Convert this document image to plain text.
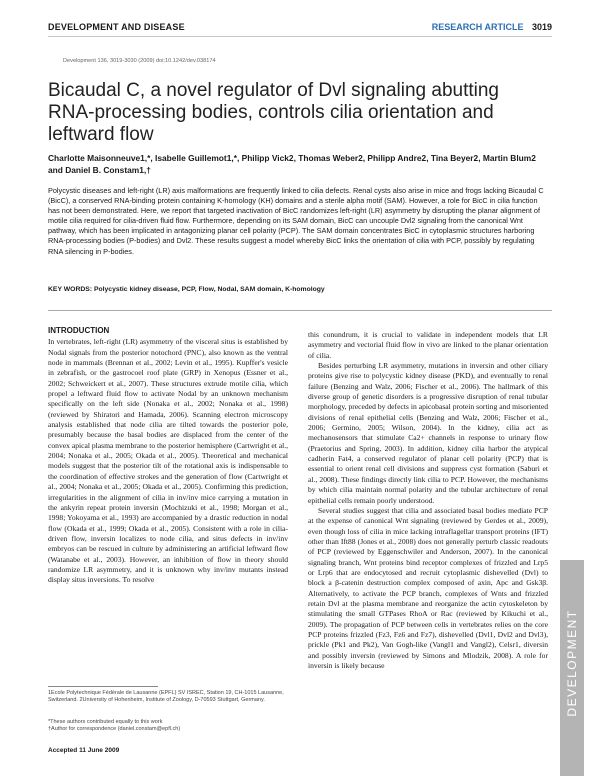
DEVELOPMENT AND DISEASE	RESEARCH ARTICLE 3019
Development 136, 3019-3030 (2009) doi:10.1242/dev.038174
Bicaudal C, a novel regulator of Dvl signaling abutting RNA-processing bodies, controls cilia orientation and leftward flow
Charlotte Maisonneuve1,*, Isabelle Guillemot1,*, Philipp Vick2, Thomas Weber2, Philipp Andre2, Tina Beyer2, Martin Blum2 and Daniel B. Constam1,†

Polycystic diseases and left-right (LR) axis malformations are frequently linked to cilia defects. Renal cysts also arise in mice and frogs lacking Bicaudal C (BicC), a conserved RNA-binding protein containing K-homology (KH) domains and a sterile alpha motif (SAM). However, a role for BicC in cilia function has not been demonstrated. Here, we report that targeted inactivation of BicC randomizes left-right (LR) asymmetry by disrupting the planar alignment of motile cilia required for cilia-driven fluid flow. Furthermore, depending on its SAM domain, BicC can uncouple Dvl2 signaling from the canonical Wnt pathway, which has been implicated in antagonizing planar cell polarity (PCP). The SAM domain concentrates BicC in cytoplasmic structures harboring RNA-processing bodies (P-bodies) and Dvl2. These results suggest a model whereby BicC links the orientation of cilia with PCP, possibly by regulating RNA silencing in P-bodies.

KEY WORDS: Polycystic kidney disease, PCP, Flow, Nodal, SAM domain, K-homology
INTRODUCTION

In vertebrates, left-right (LR) asymmetry of the visceral situs is established by Nodal signals from the posterior notochord (PNC), also known as the ventral node in mammals (Brennan et al., 2002; Levin et al., 1995). Kupffer's vesicle in zebrafish, or the gastrocoel roof plate (GRP) in Xenopus (Essner et al., 2002; Schweickert et al., 2007). These structures extrude motile cilia, which propel a leftward fluid flow to activate Nodal by an unknown mechanism specifically on the left side (Nonaka et al., 2002; Nonaka et al., 1998) (reviewed by Shiratori and Hamada, 2006). Scanning electron microscopy analysis established that node cilia are tilted towards the posterior pole, presumably because the basal bodies are displaced from the center of the convex apical plasma membrane to the posterior hemisphere (Cartwright et al., 2004; Nonaka et al., 2005; Okada et al., 2005). Theoretical and mechanical models suggest that the posterior tilt of the rotational axis is indispensable to the coordination of effective strokes and the generation of flow (Cartwright et al., 2004; Nonaka et al., 2005; Okada et al., 2005). Confirming this prediction, irregularities in the alignment of cilia in inv/inv mice carrying a mutation in the ankyrin repeat protein inversin (Mochizuki et al., 1998; Morgan et al., 1998; Yokoyama et al., 1993) are accompanied by a drastic reduction in nodal flow (Okada et al., 1999; Okada et al., 2005). Consistent with a role in cilia-driven flow, inversin localizes to node cilia, and situs defects in inv/inv embryos can be rescued in culture by administering an artificial leftward flow (Watanabe et al., 2003). However, an inhibition of flow in theory should randomize LR asymmetry, and it is unknown why inv/inv mutants instead display situs inversions. To resolve

this conundrum, it is crucial to validate in independent models that LR asymmetry and vectorial fluid flow in vivo are linked to the planar orientation of cilia.

Besides perturbing LR asymmetry, mutations in inversin and other ciliary proteins give rise to polycystic kidney disease (PKD), and eventually to renal failure (Benzing and Walz, 2006; Fischer et al., 2006). The hallmark of this diverse group of genetic disorders is a progressive disruption of renal tubular morphology, preceded by defects in apicobasal protein sorting and misoriented divisions of renal epithelial cells (Benzing and Walz, 2006; Fischer et al., 2006; Germino, 2005; Wilson, 2004). In the kidney, cilia act as mechanosensors that stimulate Ca2+ channels in response to urinary flow (Praetorius and Spring, 2003). In addition, kidney cilia harbor the atypical cadherin Fat4, a conserved regulator of planar cell polarity (PCP) that is essential to orient renal cell divisions and suppress cyst formation (Saburi et al., 2008). These findings directly link cilia to PCP. However, the mechanisms by which cilia maintain normal polarity and the tubular architecture of renal epithelial cells remain poorly understood.

Several studies suggest that cilia and associated basal bodies mediate PCP at the expense of canonical Wnt signaling (reviewed by Gerdes et al., 2009), even though loss of cilia in mice lacking intraflagellar transport proteins (IFT) other than Ift88 (Jones et al., 2008) does not generally perturb classic readouts of PCP (reviewed by Eggenschwiler and Anderson, 2007). In the canonical signaling branch, Wnt proteins bind receptor complexes of frizzled and Lrp5 or Lrp6 that are endocytosed and recruit cytoplasmic dishevelled (Dvl) to block a β-catenin destruction complex composed of axin, Apc and Gsk3β. Alternatively, to activate the PCP branch, complexes of Wnts and frizzled retain Dvl at the plasma membrane and reorganize the actin cytoskeleton by stimulating the small GTPases RhoA or Rac (reviewed by Kikuchi et al., 2009). The propagation of PCP between cells in vertebrates relies on the core PCP proteins frizzled (Fz3, Fz6 and Fz7), dishevelled (Dvl1, Dvl2 and Dvl3), prickle (Pk1 and Pk2), Van Gogh-like (Vangl1 and Vangl2), Celsr1, diversin and possibly inversin (reviewed by Simons and Mlodzik, 2008). A role for inversin is likely because

1Ecole Polytechnique Fédérale de Lausanne (EPFL) SV ISREC, Station 19, CH-1015 Lausanne, Switzerland. 2University of Hohenheim, Institute of Zoology, D-70593 Stuttgart, Germany.
*These authors contributed equally to this work
†Author for correspondence (daniel.constam@epfl.ch)
Accepted 11 June 2009
DEVELOPMENT
